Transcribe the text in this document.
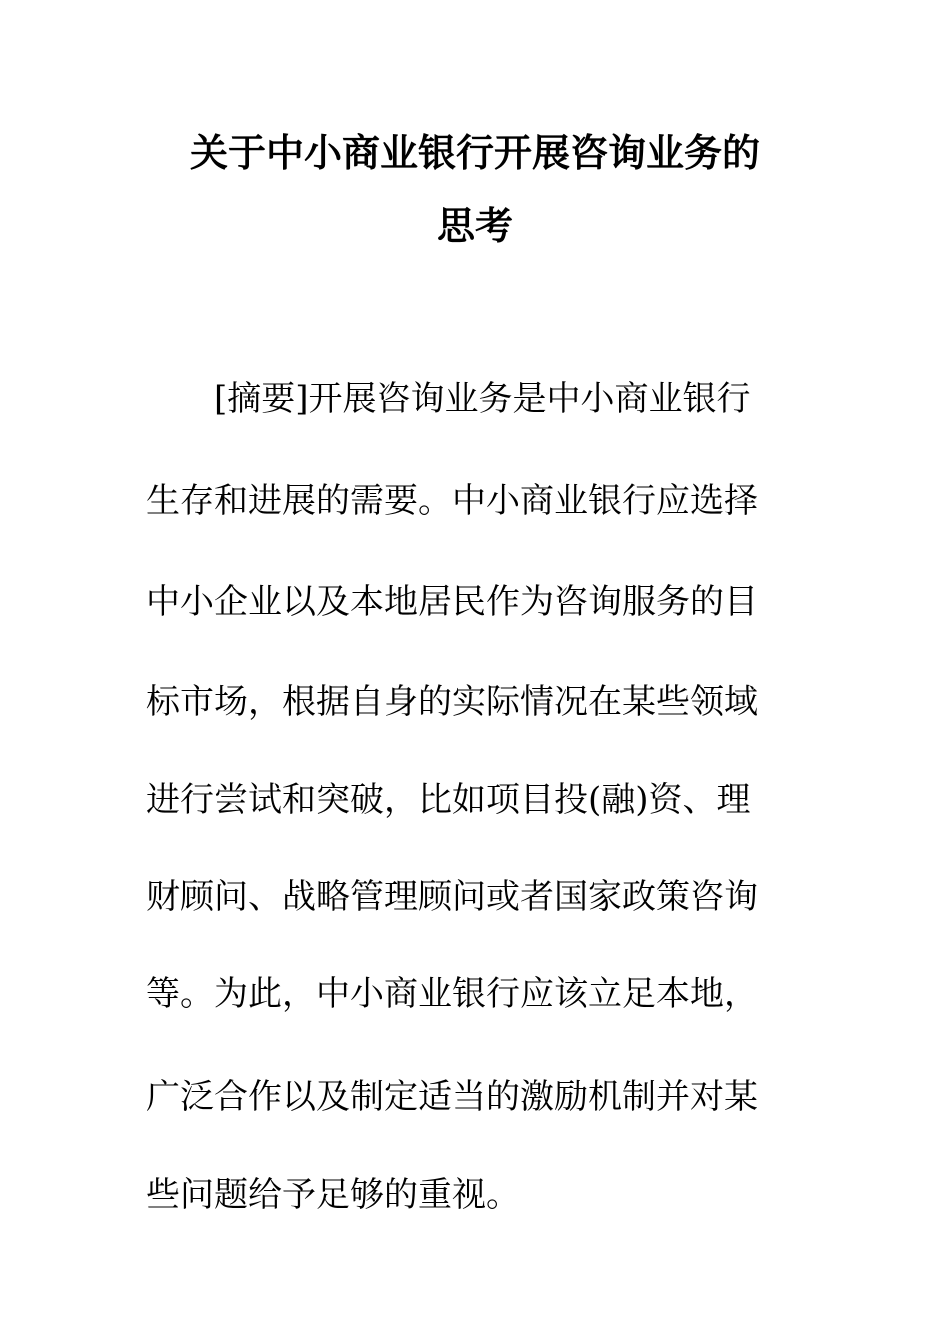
关于中小商业银行开展咨询业务的
思考
[摘要]开展咨询业务是中小商业银行
生存和进展的需要。中小商业银行应选择
中小企业以及本地居民作为咨询服务的目
标市场，根据自身的实际情况在某些领域
进行尝试和突破，比如项目投(融)资、理
财顾问、战略管理顾问或者国家政策咨询
等。为此，中小商业银行应该立足本地，
广泛合作以及制定适当的激励机制并对某
些问题给予足够的重视。
